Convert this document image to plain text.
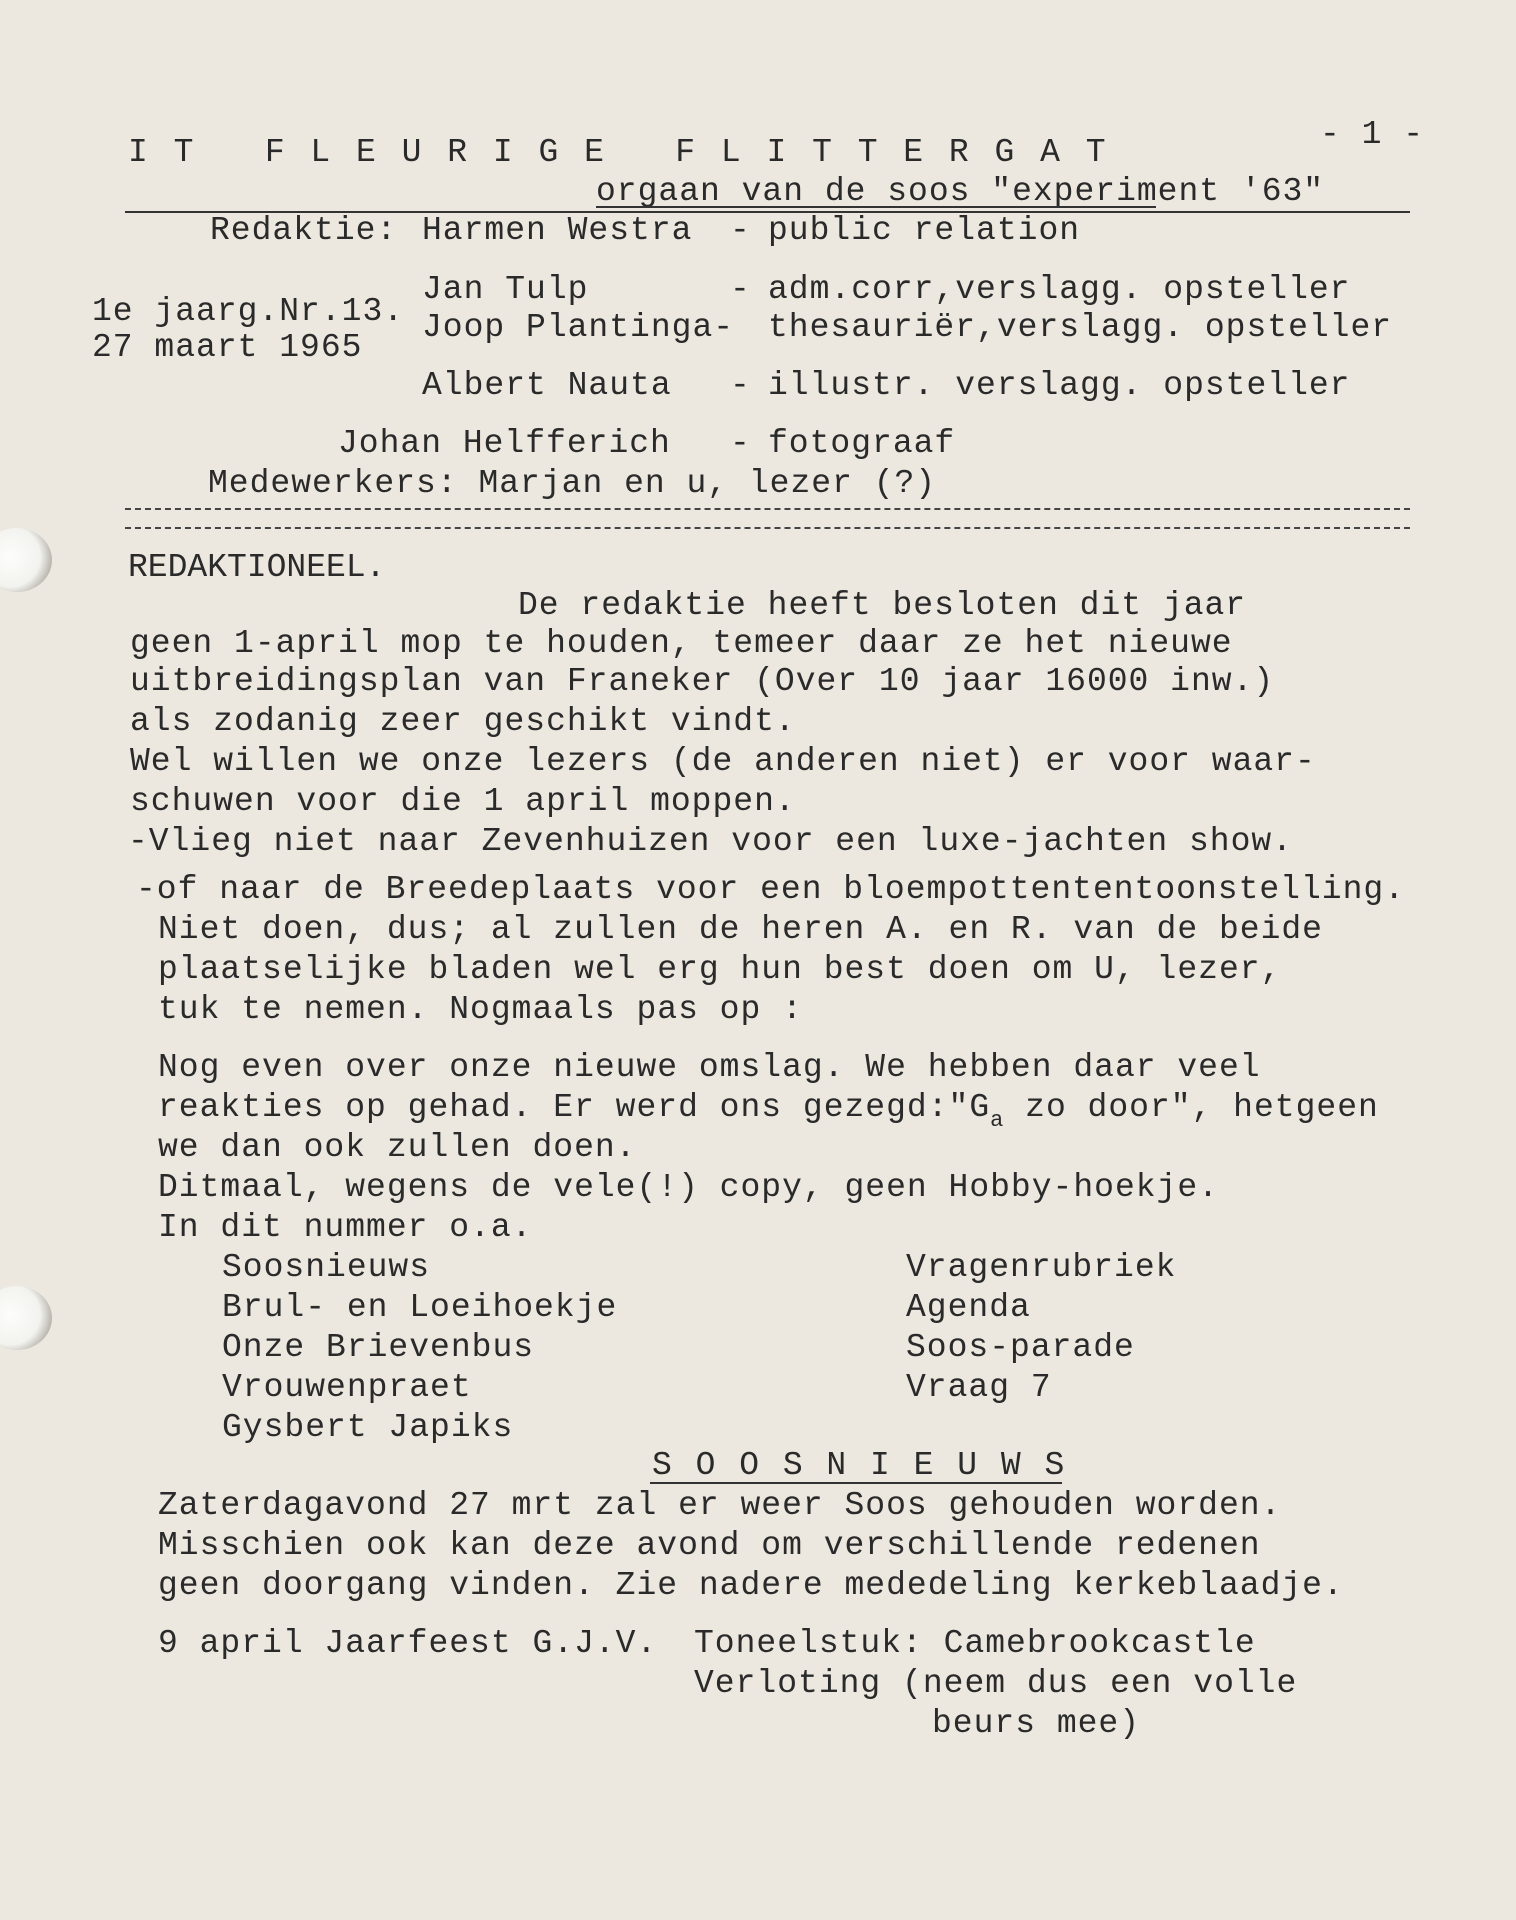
I T   F L E U R I G E   F L I T T E R G A T	- 1 -
orgaan van de soos "experiment '63"
Redaktie: Harmen Westra - public relation
Jan Tulp	- adm.corr,verslagg. opsteller
1e jaarg.Nr.13.
27 maart 1965
Joop Plantinga- thesauriër,verslagg. opsteller
Albert Nauta - illustr. verslagg. opsteller
Johan Helfferich - fotograaf
Medewerkers: Marjan en u, lezer (?)
REDAKTIONEEL.
De redaktie heeft besloten dit jaar
geen 1-april mop te houden, temeer daar ze het nieuwe
uitbreidingsplan van Franeker (Over 10 jaar 16000 inw.)
als zodanig zeer geschikt vindt.
Wel willen we onze lezers (de anderen niet) er voor waar-
schuwen voor die 1 april moppen.
-Vlieg niet naar Zevenhuizen voor een luxe-jachten show.
-of naar de Breedeplaats voor een bloempottententoonstelling.
Niet doen, dus; al zullen de heren A. en R. van de beide
plaatselijke bladen wel erg hun best doen om U, lezer,
tuk te nemen. Nogmaals pas op :
Nog even over onze nieuwe omslag. We hebben daar veel
reakties op gehad. Er werd ons $gezegd:"G_a$ zo door", hetgeen
we dan ook zullen doen.
Ditmaal, wegens de vele(!) copy, geen Hobby-hoekje.
In dit nummer o.a.
Soosnieuws
Brul- en Loeihoekje
Onze Brievenbus
Vrouwenpraet
Gysbert Japiks
Vragenrubriek
Agenda
Soos-parade
Vraag 7
S O O S N I E U W S
Zaterdagavond 27 mrt zal er weer Soos gehouden worden.
Misschien ook kan deze avond om verschillende redenen
geen doorgang vinden. Zie nadere mededeling kerkeblaadje.
9 april Jaarfeest G.J.V. Toneelstuk: Camebrookcastle
Verloting (neem dus een volle
beurs mee)
